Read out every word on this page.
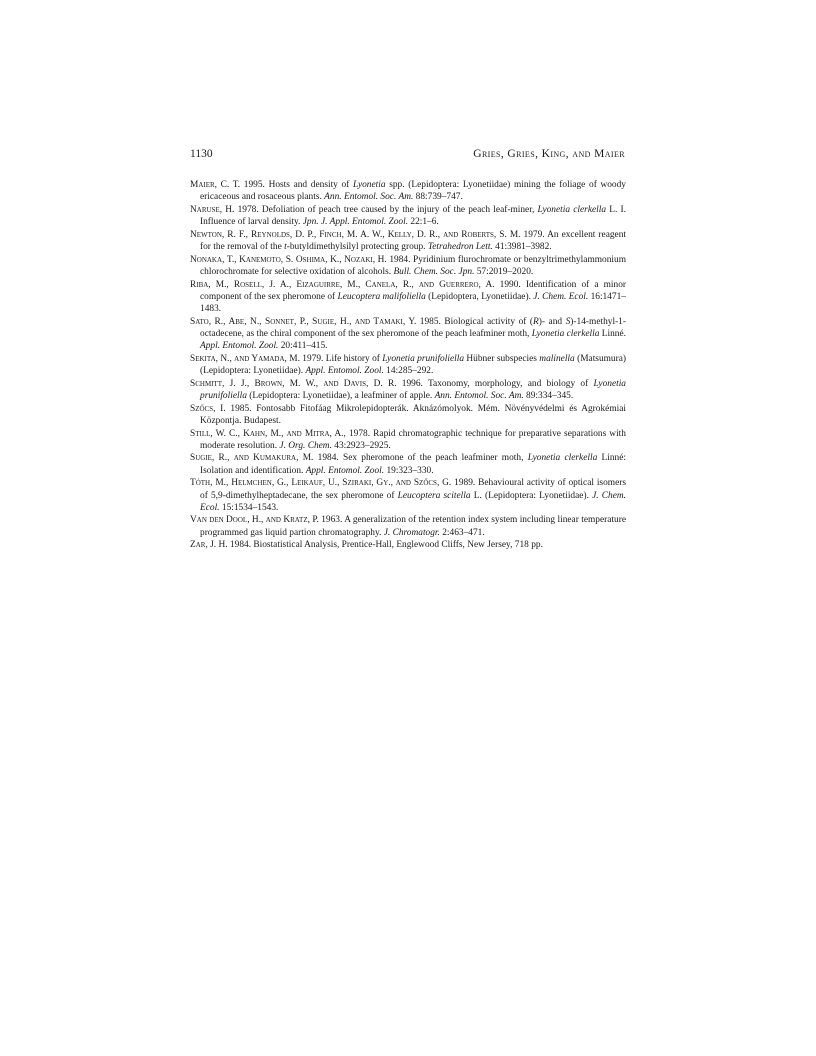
1130	Gries, Gries, King, and Maier
Maier, C. T. 1995. Hosts and density of Lyonetia spp. (Lepidoptera: Lyonetiidae) mining the foliage of woody ericaceous and rosaceous plants. Ann. Entomol. Soc. Am. 88:739–747.
Naruse, H. 1978. Defoliation of peach tree caused by the injury of the peach leaf-miner, Lyonetia clerkella L. I. Influence of larval density. Jpn. J. Appl. Entomol. Zool. 22:1–6.
Newton, R. F., Reynolds, D. P., Finch, M. A. W., Kelly, D. R., and Roberts, S. M. 1979. An excellent reagent for the removal of the t-butyldimethylsilyl protecting group. Tetrahedron Lett. 41:3981–3982.
Nonaka, T., Kanemoto, S. Oshima, K., Nozaki, H. 1984. Pyridinium flurochromate or benzyltrimethylammonium chlorochromate for selective oxidation of alcohols. Bull. Chem. Soc. Jpn. 57:2019–2020.
Riba, M., Rosell, J. A., Eizaguirre, M., Canela, R., and Guerrero, A. 1990. Identification of a minor component of the sex pheromone of Leucoptera malifoliella (Lepidoptera, Lyonetiidae). J. Chem. Ecol. 16:1471–1483.
Sato, R., Abe, N., Sonnet, P., Sugie, H., and Tamaki, Y. 1985. Biological activity of (R)- and S)-14-methyl-1-octadecene, as the chiral component of the sex pheromone of the peach leafminer moth, Lyonetia clerkella Linné. Appl. Entomol. Zool. 20:411–415.
Sekita, N., and Yamada, M. 1979. Life history of Lyonetia prunifoliella Hübner subspecies malinella (Matsumura) (Lepidoptera: Lyonetiidae). Appl. Entomol. Zool. 14:285–292.
Schmitt, J. J., Brown, M. W., and Davis, D. R. 1996. Taxonomy, morphology, and biology of Lyonetia prunifoliella (Lepidoptera: Lyonetiidae), a leafminer of apple. Ann. Entomol. Soc. Am. 89:334–345.
Szőcs, I. 1985. Fontosabb Fitofáag Mikrolepidopterák. Aknázómolyok. Mém. Növényvédelmi és Agrokémiai Központja. Budapest.
Still, W. C., Kahn, M., and Mitra, A., 1978. Rapid chromatographic technique for preparative separations with moderate resolution. J. Org. Chem. 43:2923–2925.
Sugie, R., and Kumakura, M. 1984. Sex pheromone of the peach leafminer moth, Lyonetia clerkella Linné: Isolation and identification. Appl. Entomol. Zool. 19:323–330.
Tóth, M., Helmchen, G., Leikauf, U., Sziraki, Gy., and Szőcs, G. 1989. Behavioural activity of optical isomers of 5,9-dimethylheptadecane, the sex pheromone of Leucoptera scitella L. (Lepidoptera: Lyonetiidae). J. Chem. Ecol. 15:1534–1543.
Van den Dool, H., and Kratz, P. 1963. A generalization of the retention index system including linear temperature programmed gas liquid partion chromatography. J. Chromatogr. 2:463–471.
Zar, J. H. 1984. Biostatistical Analysis, Prentice-Hall, Englewood Cliffs, New Jersey, 718 pp.
